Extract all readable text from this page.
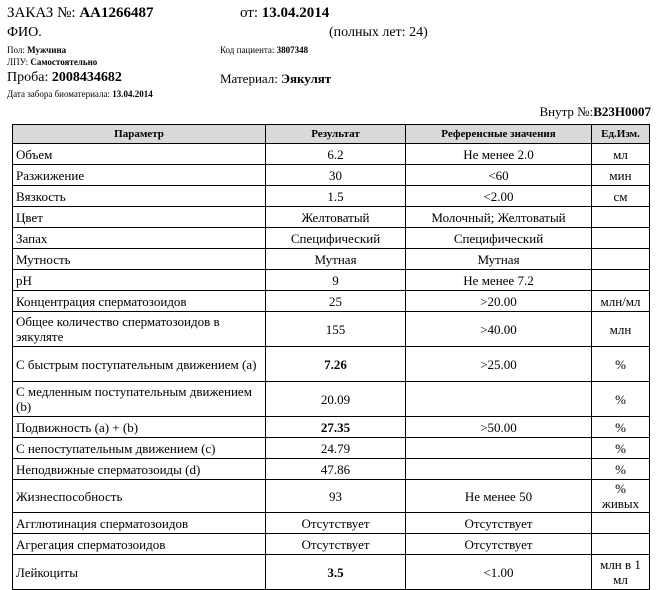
ЗАКАЗ №: AA1266487	от: 13.04.2014
ФИО.	(полных лет: 24)
Пол: Мужчина	Код пациента: 3807348
ЛПУ: Самостоятельно
Проба: 2008434682	Материал: Эякулят
Дата забора биоматериала: 13.04.2014
Внутр №:B23H0007
Параметр	Результат	Референсные значения	Ед.Изм.
Объем	6.2	Не менее 2.0	мл
Разжижение	30	<60	мин
Вязкость	1.5	<2.00	см
Цвет	Желтоватый	Молочный; Желтоватый	
Запах	Специфический	Специфический	
Мутность	Мутная	Мутная	
pH	9	Не менее 7.2	
Концентрация сперматозоидов	25	>20.00	млн/мл
Общее количество сперматозоидов в эякуляте	155	>40.00	млн
С быстрым поступательным движением (a)	7.26	>25.00	%
С медленным поступательным движением (b)	20.09		%
Подвижность (a) + (b)	27.35	>50.00	%
С непоступательным движением (c)	24.79		%
Неподвижные сперматозоиды (d)	47.86		%
Жизнеспособность	93	Не менее 50	% живых
Агглютинация сперматозоидов	Отсутствует	Отсутствует	
Агрегация сперматозоидов	Отсутствует	Отсутствует	
Лейкоциты	3.5	<1.00	млн в 1 мл
